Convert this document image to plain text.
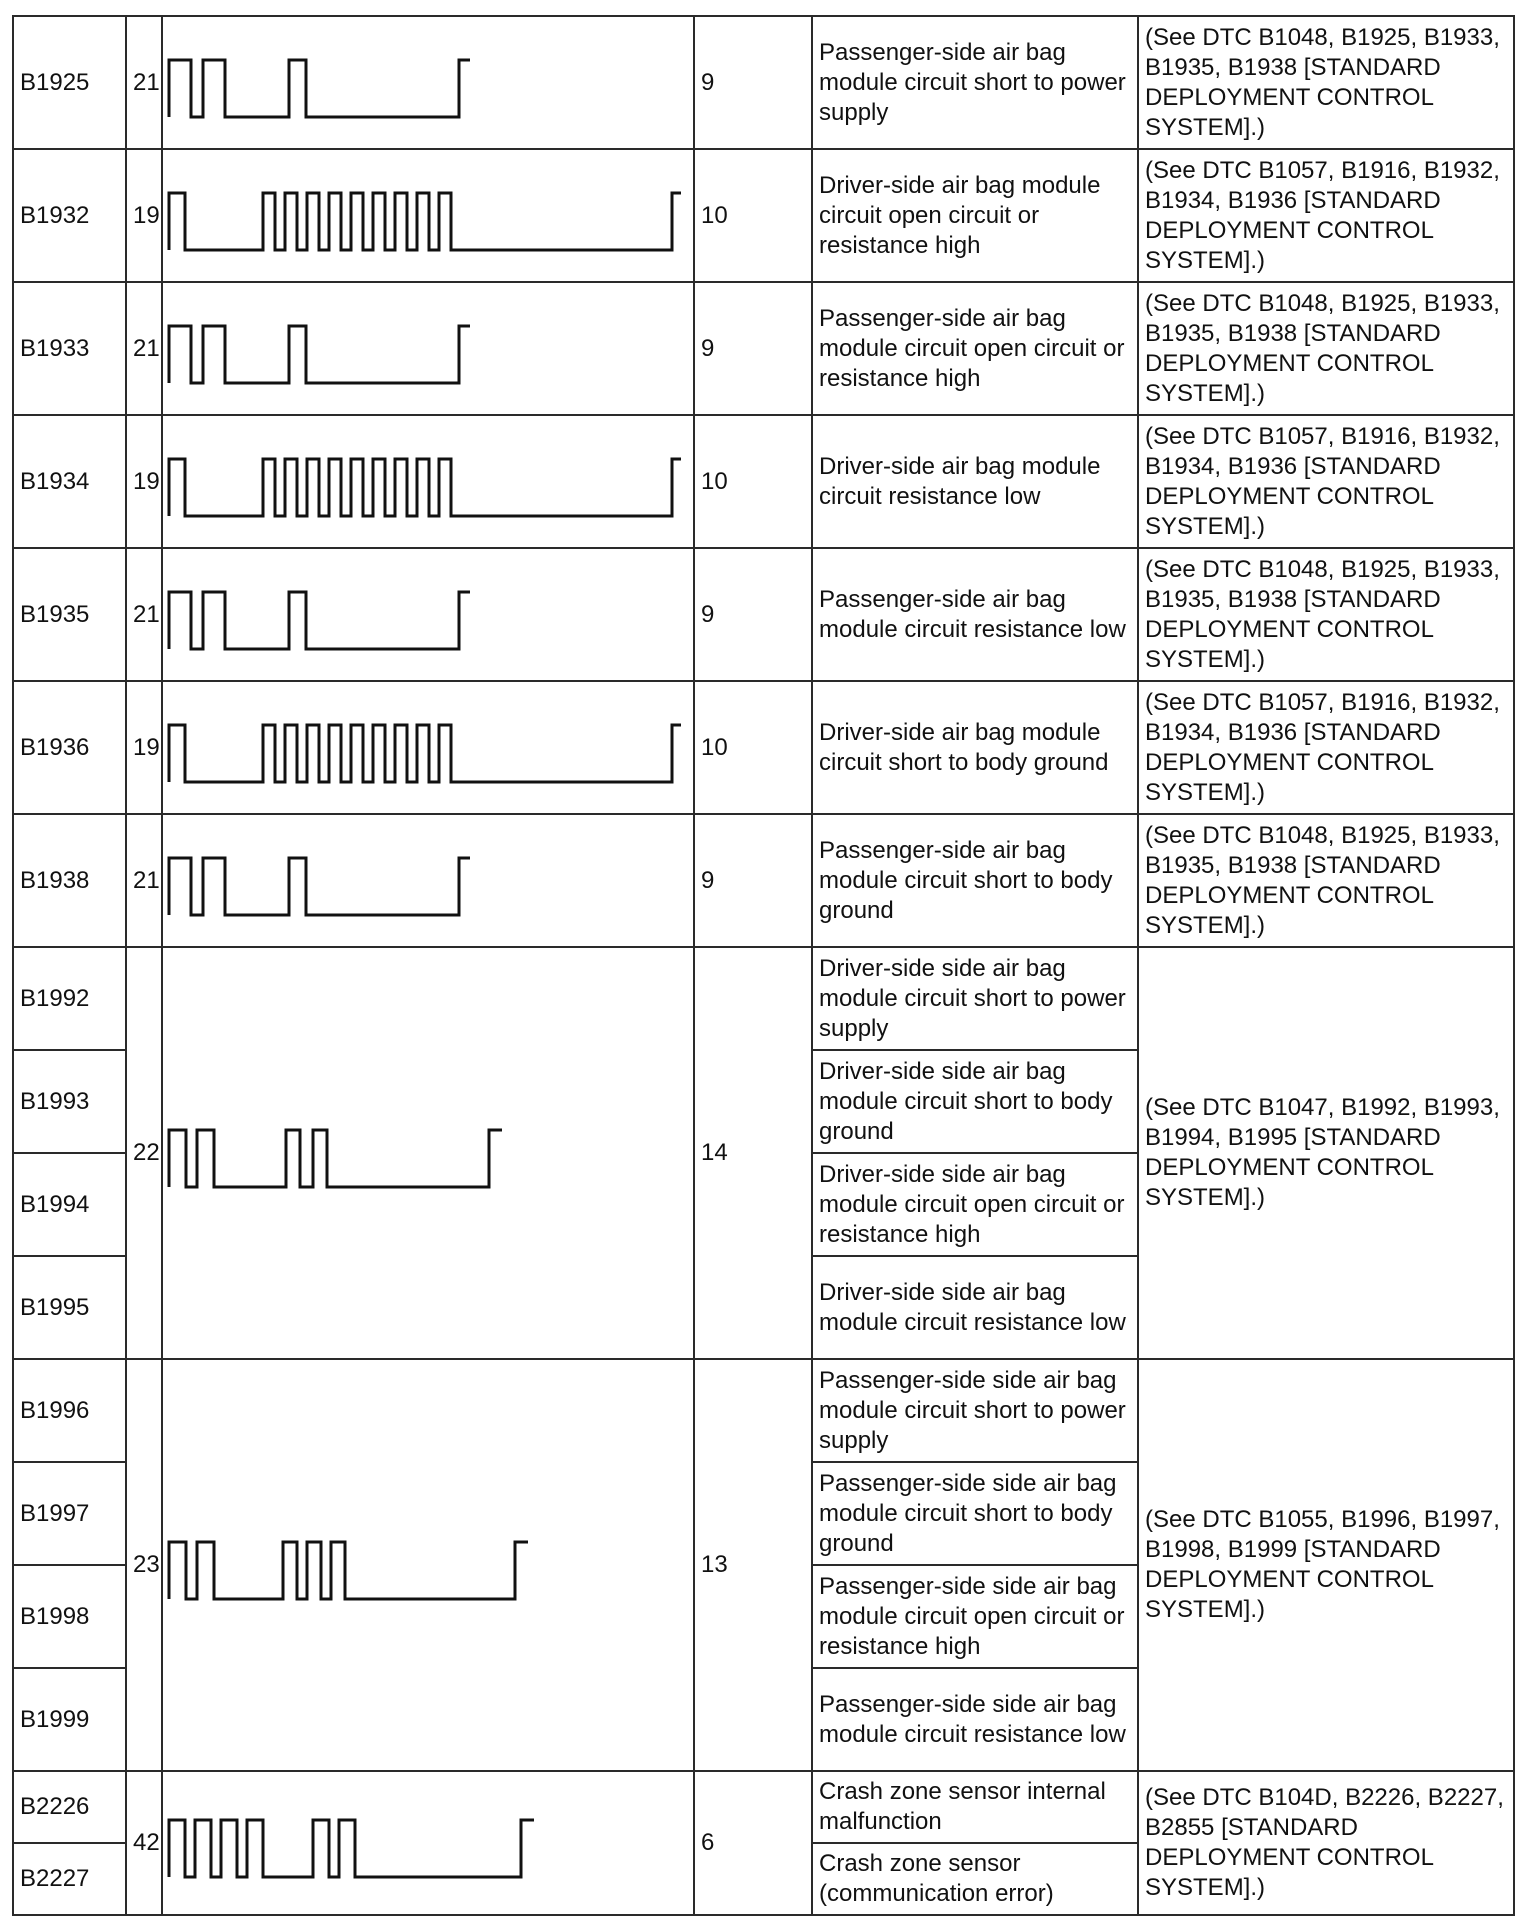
B1925	21		9	Passenger-side air bag module circuit short to power supply	(See DTC B1048, B1925, B1933, B1935, B1938 [STANDARD DEPLOYMENT CONTROL SYSTEM].)
B1932	19		10	Driver-side air bag module circuit open circuit or resistance high	(See DTC B1057, B1916, B1932, B1934, B1936 [STANDARD DEPLOYMENT CONTROL SYSTEM].)
B1933	21		9	Passenger-side air bag module circuit open circuit or resistance high	(See DTC B1048, B1925, B1933, B1935, B1938 [STANDARD DEPLOYMENT CONTROL SYSTEM].)
B1934	19		10	Driver-side air bag module circuit resistance low	(See DTC B1057, B1916, B1932, B1934, B1936 [STANDARD DEPLOYMENT CONTROL SYSTEM].)
B1935	21		9	Passenger-side air bag module circuit resistance low	(See DTC B1048, B1925, B1933, B1935, B1938 [STANDARD DEPLOYMENT CONTROL SYSTEM].)
B1936	19		10	Driver-side air bag module circuit short to body ground	(See DTC B1057, B1916, B1932, B1934, B1936 [STANDARD DEPLOYMENT CONTROL SYSTEM].)
B1938	21		9	Passenger-side air bag module circuit short to body ground	(See DTC B1048, B1925, B1933, B1935, B1938 [STANDARD DEPLOYMENT CONTROL SYSTEM].)
B1992	22		14	Driver-side side air bag module circuit short to power supply	(See DTC B1047, B1992, B1993, B1994, B1995 [STANDARD DEPLOYMENT CONTROL SYSTEM].)
B1993				Driver-side side air bag module circuit short to body ground	
B1994				Driver-side side air bag module circuit open circuit or resistance high	
B1995				Driver-side side air bag module circuit resistance low	
B1996	23		13	Passenger-side side air bag module circuit short to power supply	(See DTC B1055, B1996, B1997, B1998, B1999 [STANDARD DEPLOYMENT CONTROL SYSTEM].)
B1997				Passenger-side side air bag module circuit short to body ground	
B1998				Passenger-side side air bag module circuit open circuit or resistance high	
B1999				Passenger-side side air bag module circuit resistance low	
B2226	42		6	Crash zone sensor internal malfunction	(See DTC B104D, B2226, B2227, B2855 [STANDARD DEPLOYMENT CONTROL SYSTEM].)
B2227				Crash zone sensor (communication error)	
